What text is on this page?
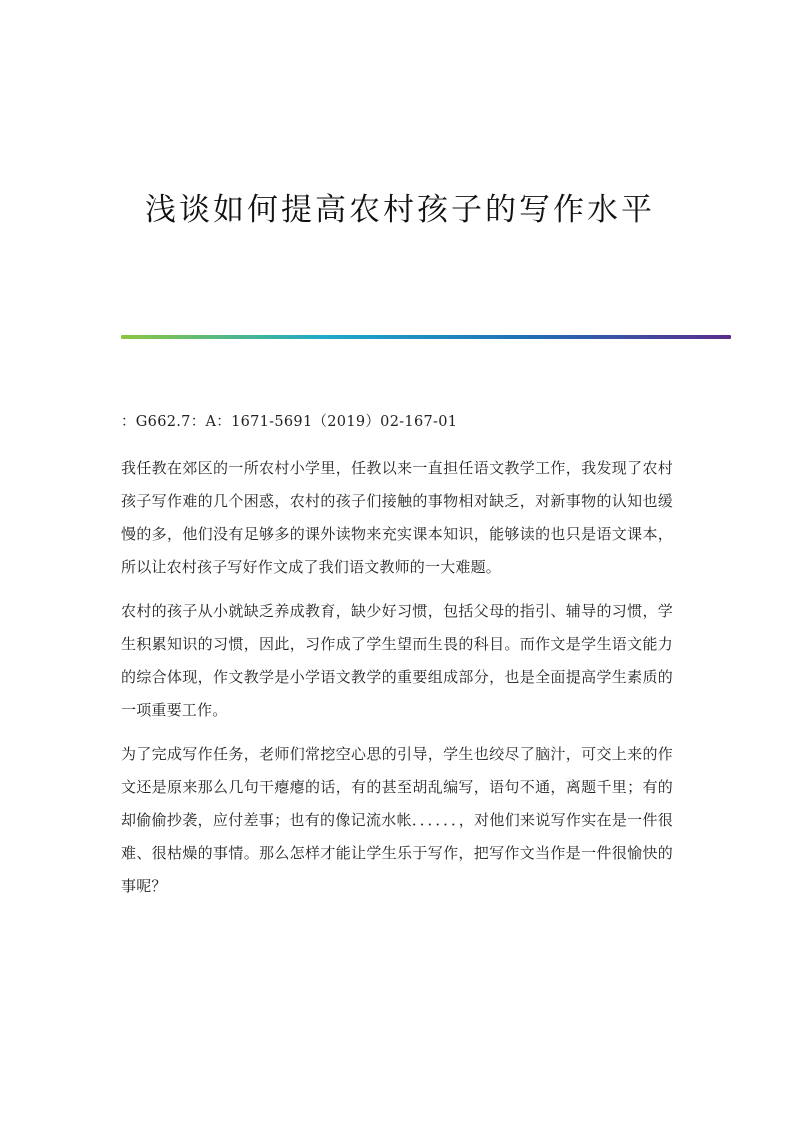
浅谈如何提高农村孩子的写作水平
：G662.7：A：1671-5691（2019）02-167-01

我任教在郊区的一所农村小学里，任教以来一直担任语文教学工作，我发现了农村孩子写作难的几个困惑，农村的孩子们接触的事物相对缺乏，对新事物的认知也缓慢的多，他们没有足够多的课外读物来充实课本知识，能够读的也只是语文课本，所以让农村孩子写好作文成了我们语文教师的一大难题。

农村的孩子从小就缺乏养成教育，缺少好习惯，包括父母的指引、辅导的习惯，学生积累知识的习惯，因此，习作成了学生望而生畏的科目。而作文是学生语文能力的综合体现，作文教学是小学语文教学的重要组成部分，也是全面提高学生素质的一项重要工作。

为了完成写作任务，老师们常挖空心思的引导，学生也绞尽了脑汁，可交上来的作文还是原来那么几句干瘪瘪的话，有的甚至胡乱编写，语句不通，离题千里；有的却偷偷抄袭，应付差事；也有的像记流水帐．．．．．．，对他们来说写作实在是一件很难、很枯燥的事情。那么怎样才能让学生乐于写作，把写作文当作是一件很愉快的事呢？
